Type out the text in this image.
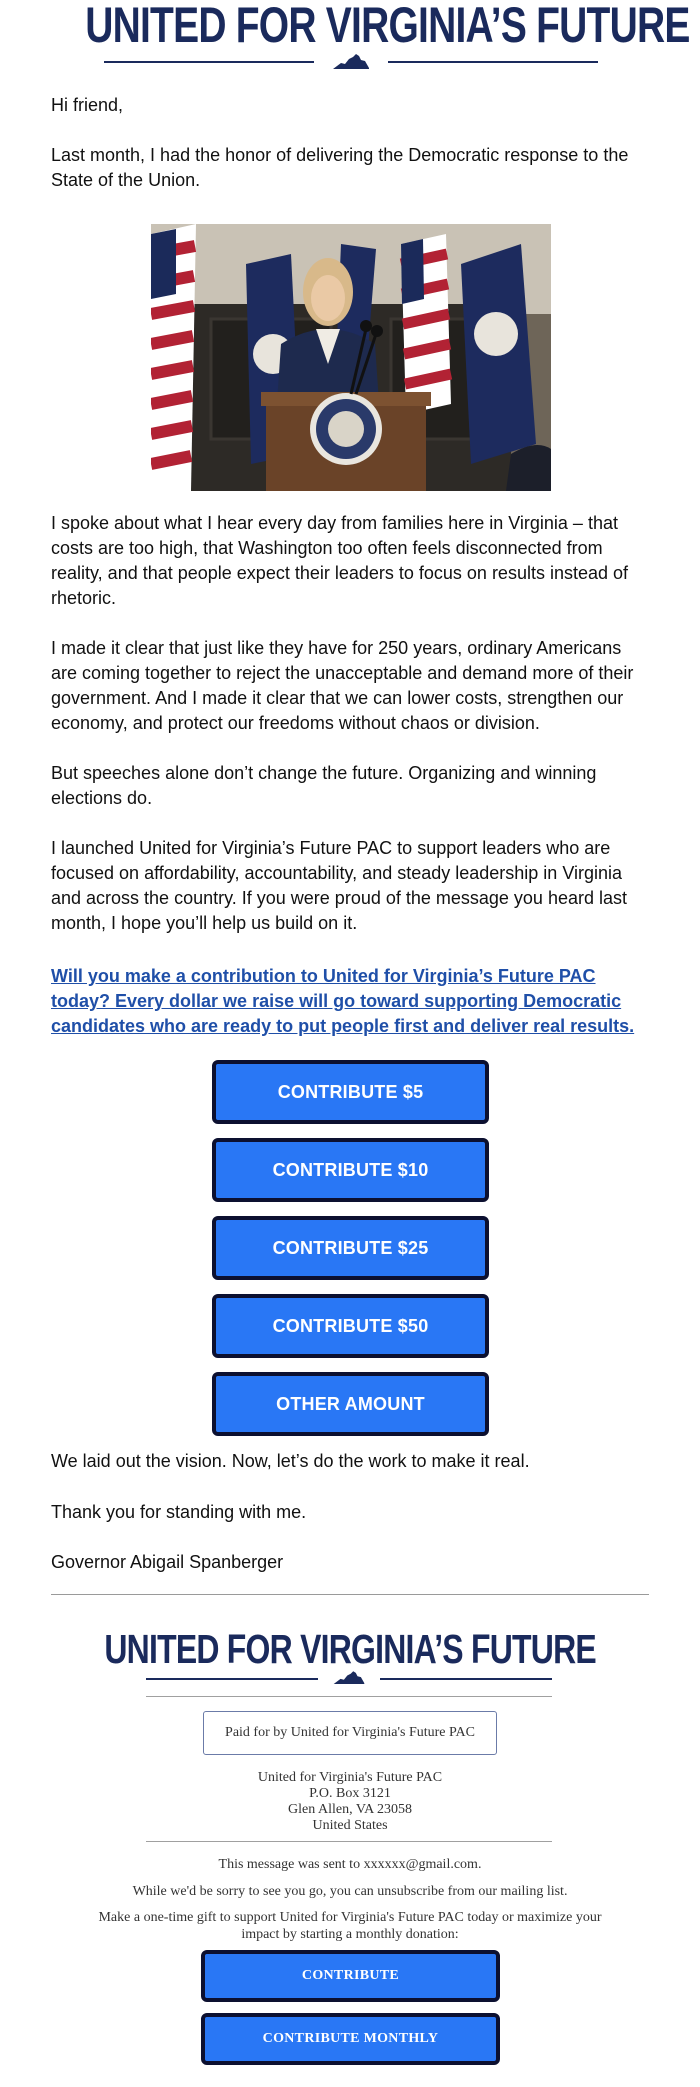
UNITED FOR VIRGINIA’S FUTURE
Hi friend,
Last month, I had the honor of delivering the Democratic response to the State of the Union.
I spoke about what I hear every day from families here in Virginia – that costs are too high, that Washington too often feels disconnected from reality, and that people expect their leaders to focus on results instead of rhetoric.
I made it clear that just like they have for 250 years, ordinary Americans are coming together to reject the unacceptable and demand more of their government. And I made it clear that we can lower costs, strengthen our economy, and protect our freedoms without chaos or division.
But speeches alone don’t change the future. Organizing and winning elections do.
I launched United for Virginia’s Future PAC to support leaders who are focused on affordability, accountability, and steady leadership in Virginia and across the country. If you were proud of the message you heard last month, I hope you’ll help us build on it.
Will you make a contribution to United for Virginia’s Future PAC today? Every dollar we raise will go toward supporting Democratic candidates who are ready to put people first and deliver real results.
CONTRIBUTE $5
CONTRIBUTE $10
CONTRIBUTE $25
CONTRIBUTE $50
OTHER AMOUNT
We laid out the vision. Now, let’s do the work to make it real.
Thank you for standing with me.
Governor Abigail Spanberger
UNITED FOR VIRGINIA’S FUTURE
Paid for by United for Virginia's Future PAC
United for Virginia's Future PAC
P.O. Box 3121
Glen Allen, VA 23058
United States
This message was sent to xxxxxx@gmail.com.
While we'd be sorry to see you go, you can unsubscribe from our mailing list.
Make a one-time gift to support United for Virginia's Future PAC today or maximize your impact by starting a monthly donation:
CONTRIBUTE
CONTRIBUTE MONTHLY
